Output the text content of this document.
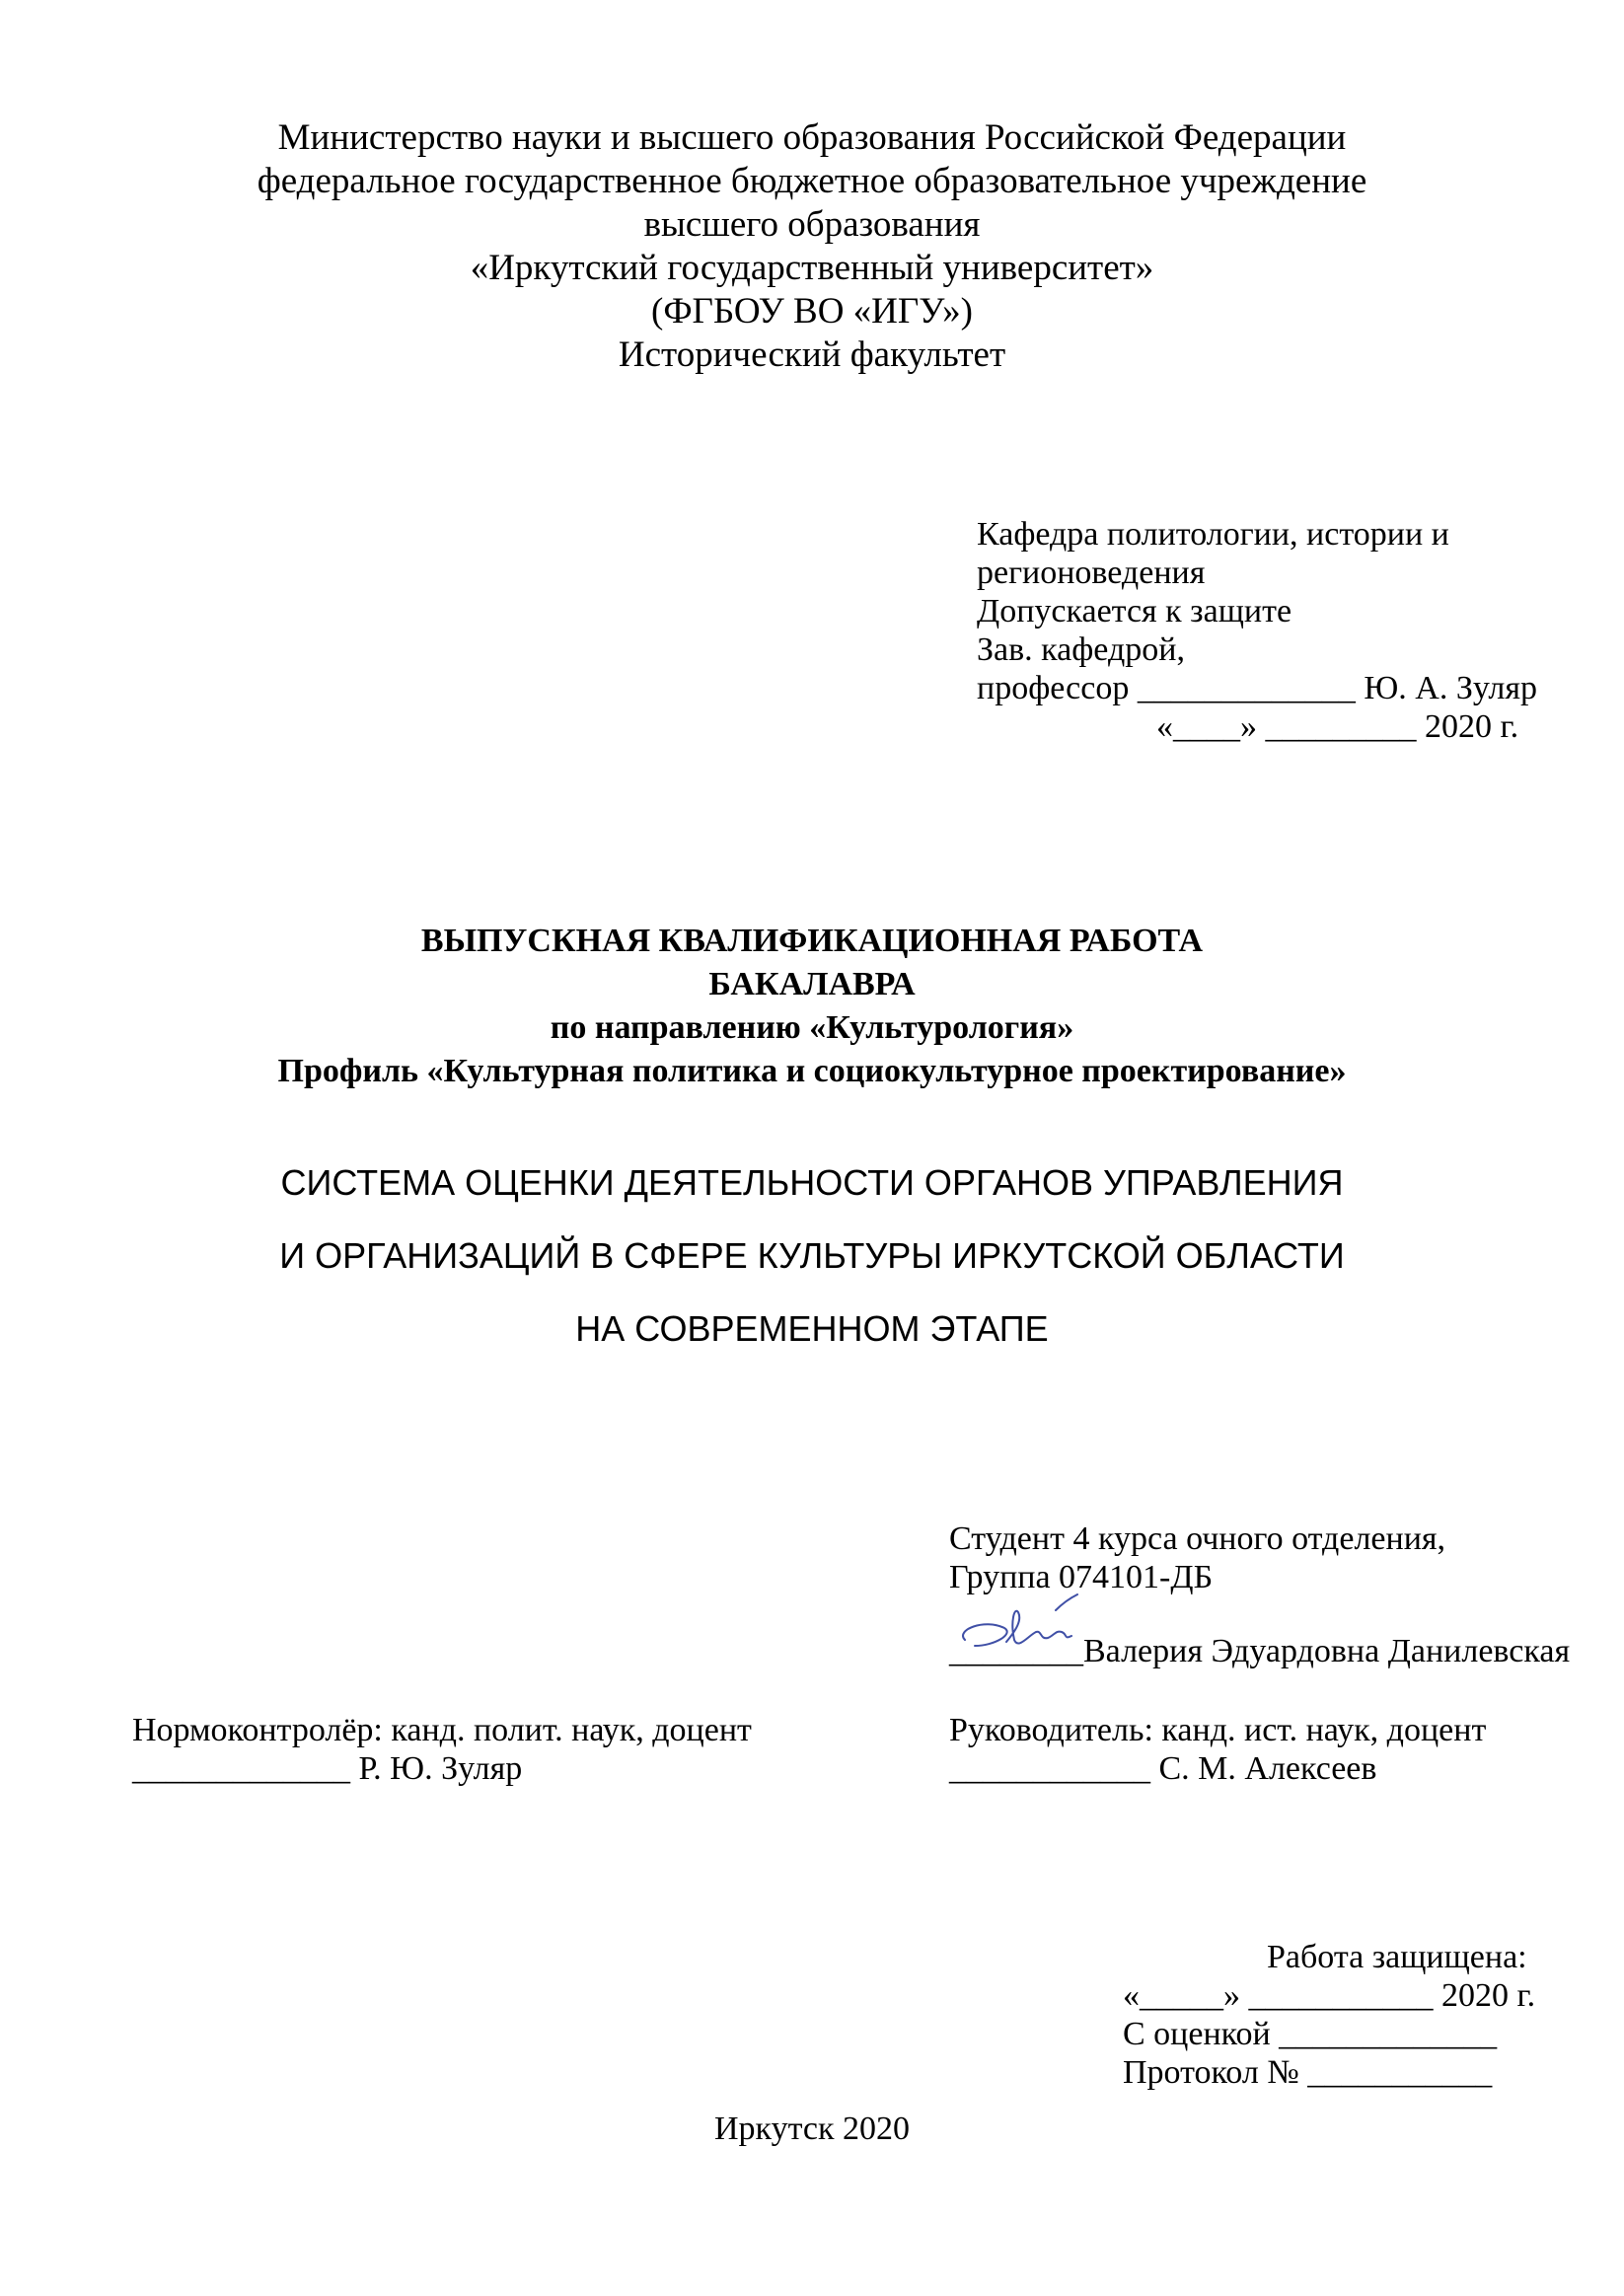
Министерство науки и высшего образования Российской Федерации
федеральное государственное бюджетное образовательное учреждение
высшего образования
«Иркутский государственный университет»
(ФГБОУ ВО «ИГУ»)
Исторический факультет
Кафедра политологии, истории и
регионоведения
Допускается к защите
Зав. кафедрой,
профессор _____________ Ю. А. Зуляр
«____» _________ 2020 г.
ВЫПУСКНАЯ КВАЛИФИКАЦИОННАЯ РАБОТА
БАКАЛАВРА
по направлению «Культурология»
Профиль «Культурная политика и социокультурное проектирование»
СИСТЕМА ОЦЕНКИ ДЕЯТЕЛЬНОСТИ ОРГАНОВ УПРАВЛЕНИЯ
И ОРГАНИЗАЦИЙ В СФЕРЕ КУЛЬТУРЫ ИРКУТСКОЙ ОБЛАСТИ
НА СОВРЕМЕННОМ ЭТАПЕ
Студент 4 курса очного отделения,
Группа 074101-ДБ
________Валерия Эдуардовна Данилевская
Нормоконтролёр: канд. полит. наук, доцент
_____________ Р. Ю. Зуляр
Руководитель: канд. ист. наук, доцент
____________ С. М. Алексеев
Работа защищена:
«_____» ___________ 2020 г.
С оценкой _____________
Протокол № ___________
Иркутск 2020
